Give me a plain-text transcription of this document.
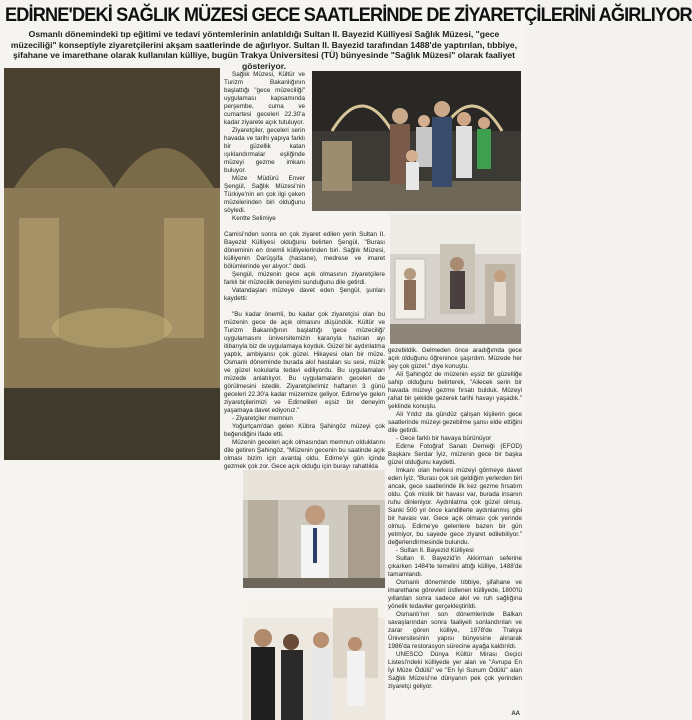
EDİRNE'DEKİ SAĞLIK MÜZESİ GECE SAATLERİNDE DE ZİYARETÇİLERİNİ AĞIRLIYOR
Osmanlı dönemindeki tıp eğitimi ve tedavi yöntemlerinin anlatıldığı Sultan II. Bayezid Külliyesi Sağlık Müzesi, "gece müzeciliği" konseptiyle ziyaretçilerini akşam saatlerinde de ağırlıyor. Sultan II. Bayezid tarafından 1488'de yaptırılan, tıbbiye, şifahane ve imarethane olarak kullanılan külliye, bugün Trakya Üniversitesi (TÜ) bünyesinde "Sağlık Müzesi" olarak faaliyet gösteriyor.

Sağlık Müzesi, Kültür ve Turizm Bakanlığının başlattığı "gece müzeciliği" uygulaması kapsamında perşembe, cuma ve cumartesi geceleri 22.30'a kadar ziyarete açık tutuluyor.

Ziyaretçiler, geceleri serin havada ve tarihi yapıya farklı bir güzellik katan ışıklandırmalar eşliğinde müzeyi gezme imkanı buluyor.

Müze Müdürü Enver Şengül, Sağlık Müzesi'nin Türkiye'nin en çok ilgi çeken müzelerinden biri olduğunu söyledi.

Kentte Selimiye

Camisi'nden sonra en çok ziyaret edilen yerin Sultan II. Bayezid Külliyesi olduğunu belirten Şengül, "Burası döneminin en önemli külliyelerinden biri. Sağlık Müzesi, külliyenin Darüşşifa (hastane), medrese ve imaret bölümlerinde yer alıyor." dedi.

Şengül, müzenin gece açık olmasının ziyaretçilere farklı bir müzecilik deneyimi sunduğunu dile getirdi.

Vatandaşları müzeye davet eden Şengül, şunları kaydetti:

"Bu kadar önemli, bu kadar çok ziyaretçisi olan bu müzenin gece de açık olmasını düşündük. Kültür ve Turizm Bakanlığının başlattığı 'gece müzeciliği' uygulamasını üniversitemizin kararıyla haziran ayı itibarıyla biz de uygulamaya koyduk. Güzel bir aydınlatma yaptık, ambiyansı çok güzel. Hikayesi olan bir müze. Osmanlı döneminde burada akıl hastaları su sesi, müzik ve güzel kokularla tedavi ediliyordu. Bu uygulamaları müzede anlatılıyor. Bu uygulamaların geceleri de görülmesini istedik. Ziyaretçilerimiz haftanın 3 günü geceleri 22.30'a kadar müzemize geliyor. Edirne'ye gelen ziyaretçilerimizi ve Edirnelileri eşsiz bir deneyim yaşamaya davet ediyoruz."

- Ziyaretçiler memnun

Yoğurtçam'dan gelen Kübra Şahingöz müzeyi çok beğendiğini ifade etti.

Müzenin geceleri açık olmasından memnun olduklarını dile getiren Şahingöz, "Müzenin gecenin bu saatinde açık olması bizim için avantaj oldu. Edirne'yi gün içinde gezmek çok zor. Gece açık olduğu için burayı rahatlıkla

gezebildik. Gelmeden önce aradığımda gece açık olduğunu öğrenince şaşırdım. Müzede her şey çok güzel." diye konuştu.

Ali Şahingöz de müzenin eşsiz bir güzelliğe sahip olduğunu belirterek, "Ailecek serin bir havada müzeyi gezme fırsatı bulduk. Müzeyi rahat bir şekilde gezerek tarihi havayı yaşadık." şeklinde konuştu.

Ali Yıldız da gündüz çalışan kişilerin gece saatlerinde müzeyi gezebilme şansı elde ettiğini dile getirdi.

- Gece farklı bir havaya bürünüyor

Edirne Fotoğraf Sanatı Derneği (EFOD) Başkanı Serdar İyiz, müzenin gece bir başka güzel olduğunu kaydetti.

İmkanı olan herkesi müzeyi görmeye davet eden İyiz, "Burası çok sık geldiğim yerlerden biri ancak, gece saatlerinde ilk kez gezme fırsatım oldu. Çok mistik bir havası var, burada insanın ruhu dinleniyor. Aydınlatma çok güzel olmuş. Sanki 500 yıl önce kandillerle aydınlanmış gibi bir havası var. Gece açık olması çok yerinde olmuş. Edirne'ye gelenlere bazen bir gün yetmiyor, bu sayede gece ziyaret edilebiliyor." değerlendirmesinde bulundu.

- Sultan II. Bayezid Külliyesi

Sultan II. Bayezid'in Akkirman seferine çıkarken 1484'te temelini attığı külliye, 1488'de tamamlandı.

Osmanlı döneminde tıbbiye, şifahane ve imarethane görevleri üstlenen külliyede, 1800'lü yıllardan sonra sadece akıl ve ruh sağlığına yönelik tedaviler gerçekleştirildi.

Osmanlı'nın son dönemlerinde Balkan savaşlarından sonra faaliyeti sonlandırılan ve zarar gören külliye, 1978'de Trakya Üniversitesinin yapısı bünyesine alınarak 1986'da restorasyon sürecine ayağa kaldırıldı.

UNESCO Dünya Kültür Mirası Geçici Listesi'ndeki külliyede yer alan ve "Avrupa En İyi Müze Ödülü" ve "En İyi Sunum Ödülü" alan Sağlık Müzesi'ne dünyanın pek çok yerinden ziyaretçi geliyor.

AA
